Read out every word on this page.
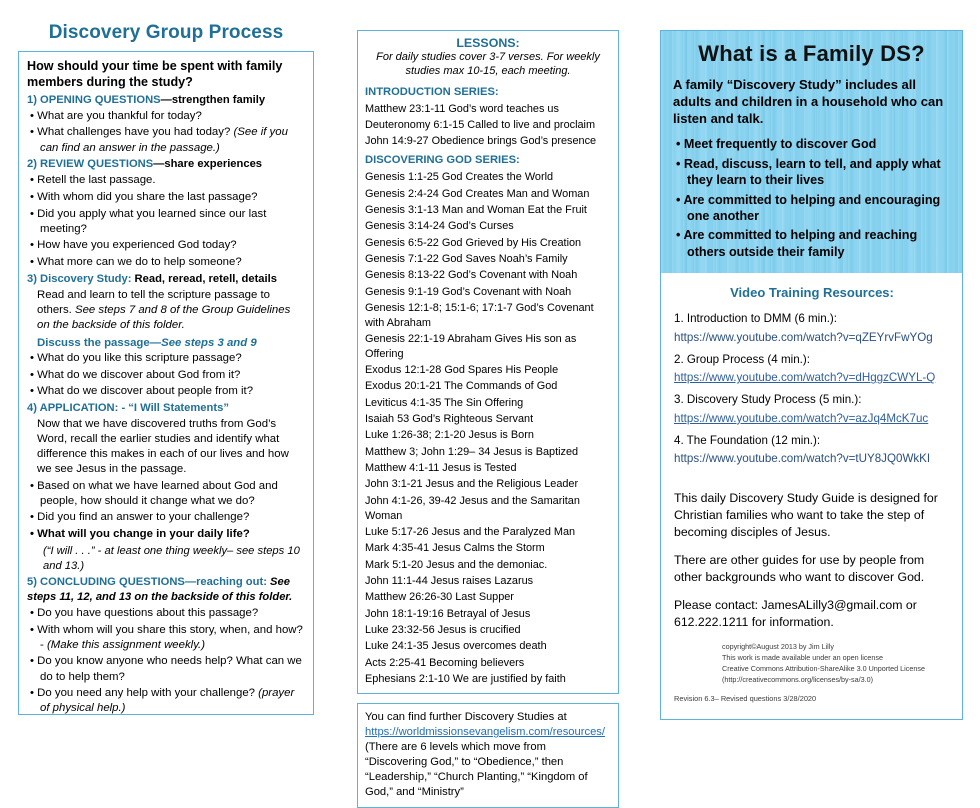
Discovery Group Process
How should your time be spent with family members during the study?
1) OPENING QUESTIONS—strengthen family
• What are you thankful for today?
• What challenges have you had today? (See if you can find an answer in the passage.)
2) REVIEW QUESTIONS—share experiences
• Retell the last passage.
• With whom did you share the last passage?
• Did you apply what you learned since our last meeting?
• How have you experienced God today?
• What more can we do to help someone?
3) Discovery Study: Read, reread, retell, details
Read and learn to tell the scripture passage to others. See steps 7 and 8 of the Group Guidelines on the backside of this folder.
Discuss the passage—See steps 3 and 9
• What do you like this scripture passage?
• What do we discover about God from it?
• What do we discover about people from it?
4) APPLICATION: - “I Will Statements”
Now that we have discovered truths from God’s Word, recall the earlier studies and identify what difference this makes in each of our lives and how we see Jesus in the passage.
• Based on what we have learned about God and people, how should it change what we do?
• Did you find an answer to your challenge?
• What will you change in your daily life?
(“I will . . .” - at least one thing weekly– see steps 10 and 13.)
5) CONCLUDING QUESTIONS—reaching out: See steps 11, 12, and 13 on the backside of this folder.
• Do you have questions about this passage?
• With whom will you share this story, when, and how? - (Make this assignment weekly.)
• Do you know anyone who needs help? What can we do to help them?
• Do you need any help with your challenge? (prayer of physical help.)
LESSONS:
For daily studies cover 3-7 verses. For weekly studies max 10-15, each meeting.
INTRODUCTION SERIES:
Matthew 23:1-11 God’s word teaches us
Deuteronomy 6:1-15 Called to live and proclaim
John 14:9-27 Obedience brings God’s presence
DISCOVERING GOD SERIES:
Genesis 1:1-25 God Creates the World
Genesis 2:4-24 God Creates Man and Woman
Genesis 3:1-13 Man and Woman Eat the Fruit
Genesis 3:14-24 God’s Curses
Genesis 6:5-22 God Grieved by His Creation
Genesis 7:1-22 God Saves Noah’s Family
Genesis 8:13-22 God’s Covenant with Noah
Genesis 9:1-19 God’s Covenant with Noah
Genesis 12:1-8; 15:1-6; 17:1-7 God’s Covenant with Abraham
Genesis 22:1-19 Abraham Gives His son as Offering
Exodus 12:1-28 God Spares His People
Exodus 20:1-21 The Commands of God
Leviticus 4:1-35 The Sin Offering
Isaiah 53 God’s Righteous Servant
Luke 1:26-38; 2:1-20 Jesus is Born
Matthew 3; John 1:29– 34 Jesus is Baptized
Matthew 4:1-11 Jesus is Tested
John 3:1-21 Jesus and the Religious Leader
John 4:1-26, 39-42 Jesus and the Samaritan Woman
Luke 5:17-26 Jesus and the Paralyzed Man
Mark 4:35-41 Jesus Calms the Storm
Mark 5:1-20 Jesus and the demoniac.
John 11:1-44 Jesus raises Lazarus
Matthew 26:26-30 Last Supper
John 18:1-19:16 Betrayal of Jesus
Luke 23:32-56 Jesus is crucified
Luke 24:1-35 Jesus overcomes death
Acts 2:25-41 Becoming believers
Ephesians 2:1-10 We are justified by faith
You can find further Discovery Studies at https://worldmissionsevangelism.com/resources/ (There are 6 levels which move from “Discovering God,” to “Obedience,” then “Leadership,” “Church Planting,” “Kingdom of God,” and “Ministry”
What is a Family DS?
A family “Discovery Study” includes all adults and children in a household who can listen and talk.
• Meet frequently to discover God
• Read, discuss, learn to tell, and apply what they learn to their lives
• Are committed to helping and encouraging one another
• Are committed to helping and reaching others outside their family
Video Training Resources:
1. Introduction to DMM (6 min.): https://www.youtube.com/watch?v=qZEYrvFwYOg
2. Group Process (4 min.): https://www.youtube.com/watch?v=dHggzCWYL-Q
3. Discovery Study Process (5 min.): https://www.youtube.com/watch?v=azJq4McK7uc
4. The Foundation (12 min.): https://www.youtube.com/watch?v=tUY8JQ0WkKI
This daily Discovery Study Guide is designed for Christian families who want to take the step of becoming disciples of Jesus.
There are other guides for use by people from other backgrounds who want to discover God.
Please contact: JamesALilly3@gmail.com or 612.222.1211 for information.
copyright©August 2013 by Jim Lilly
This work is made available under an open license
Creative Commons Attribution-ShareAlike 3.0 Unported License
(http://creativecommons.org/licenses/by-sa/3.0)
Revision 6.3– Revised questions 3/28/2020
